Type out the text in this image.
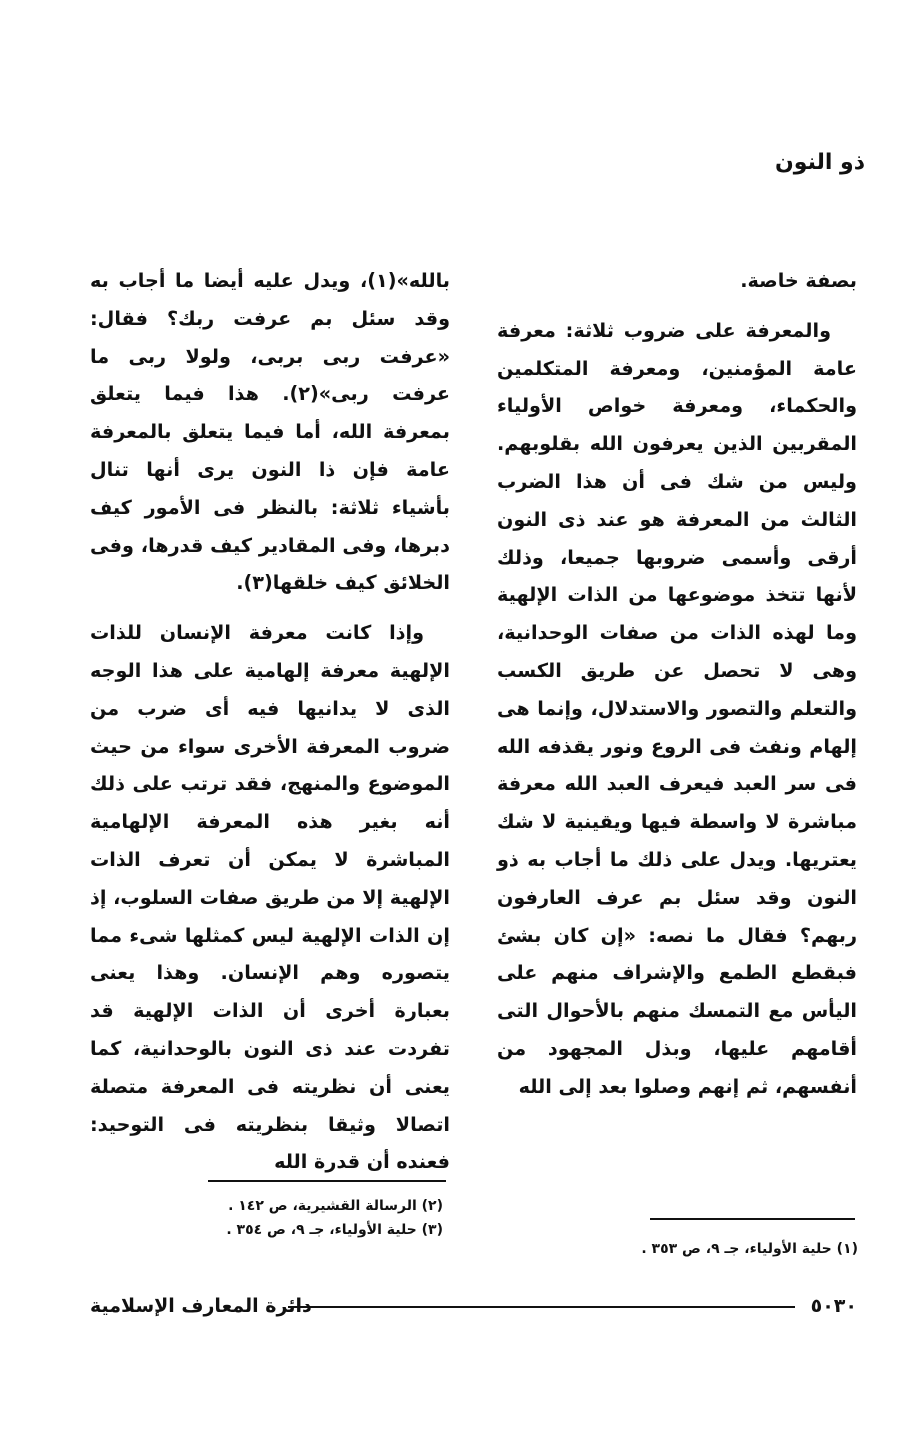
ذو النون

بصفة خاصة.

والمعرفة على ضروب ثلاثة: معرفة عامة المؤمنين، ومعرفة المتكلمين والحكماء، ومعرفة خواص الأولياء المقربين الذين يعرفون الله بقلوبهم. وليس من شك فى أن هذا الضرب الثالث من المعرفة هو عند ذى النون أرقى وأسمى ضروبها جميعا، وذلك لأنها تتخذ موضوعها من الذات الإلهية وما لهذه الذات من صفات الوحدانية، وهى لا تحصل عن طريق الكسب والتعلم والتصور والاستدلال، وإنما هى إلهام ونفث فى الروع ونور يقذفه الله فى سر العبد فيعرف العبد الله معرفة مباشرة لا واسطة فيها ويقينية لا شك يعتريها. ويدل على ذلك ما أجاب به ذو النون وقد سئل بم عرف العارفون ربهم؟ فقال ما نصه: «إن كان بشئ فبقطع الطمع والإشراف منهم على اليأس مع التمسك منهم بالأحوال التى أقامهم عليها، وبذل المجهود من أنفسهم، ثم إنهم وصلوا بعد إلى الله

بالله»(١)، ويدل عليه أيضا ما أجاب به وقد سئل بم عرفت ربك؟ فقال: «عرفت ربى بربى، ولولا ربى ما عرفت ربى»(٢). هذا فيما يتعلق بمعرفة الله، أما فيما يتعلق بالمعرفة عامة فإن ذا النون يرى أنها تنال بأشياء ثلاثة: بالنظر فى الأمور كيف دبرها، وفى المقادير كيف قدرها، وفى الخلائق كيف خلقها(٣).

وإذا كانت معرفة الإنسان للذات الإلهية معرفة إلهامية على هذا الوجه الذى لا يدانيها فيه أى ضرب من ضروب المعرفة الأخرى سواء من حيث الموضوع والمنهج، فقد ترتب على ذلك أنه بغير هذه المعرفة الإلهامية المباشرة لا يمكن أن تعرف الذات الإلهية إلا من طريق صفات السلوب، إذ إن الذات الإلهية ليس كمثلها شىء مما يتصوره وهم الإنسان. وهذا يعنى بعبارة أخرى أن الذات الإلهية قد تفردت عند ذى النون بالوحدانية، كما يعنى أن نظريته فى المعرفة متصلة اتصالا وثيقا بنظريته فى التوحيد: فعنده أن قدرة الله

(٢) الرسالة القشيرية، ص ١٤٢ .
(٣) حلية الأولياء، جـ ٩، ص ٣٥٤ .
(١) حلية الأولياء، جـ ٩، ص ٣٥٣ .
٥٠٣٠
دائرة المعارف الإسلامية
